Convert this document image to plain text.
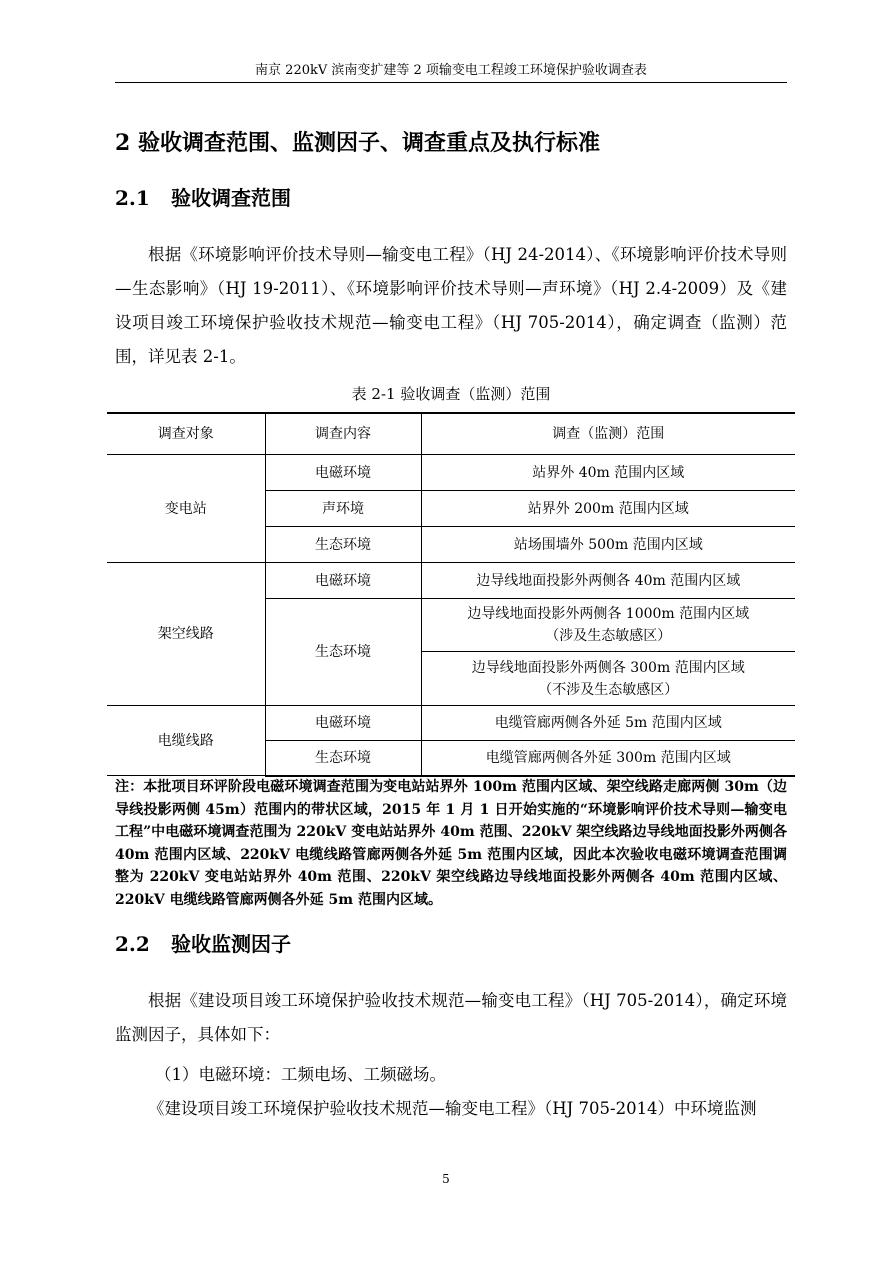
南京 220kV 滨南变扩建等 2 项输变电工程竣工环境保护验收调查表
2 验收调查范围、监测因子、调查重点及执行标准
2.1 验收调查范围

根据《环境影响评价技术导则—输变电工程》（HJ 24-2014）、《环境影响评价技术导则—生态影响》（HJ 19-2011）、《环境影响评价技术导则—声环境》（HJ 2.4-2009）及《建设项目竣工环境保护验收技术规范—输变电工程》（HJ 705-2014），确定调查（监测）范围，详见表 2-1。

表 2-1 验收调查（监测）范围
调查对象	调查内容	调查（监测）范围
变电站	电磁环境	站界外 40m 范围内区域
	声环境	站界外 200m 范围内区域
	生态环境	站场围墙外 500m 范围内区域
架空线路	电磁环境	边导线地面投影外两侧各 40m 范围内区域
	生态环境	边导线地面投影外两侧各 1000m 范围内区域
（涉及生态敏感区）

		边导线地面投影外两侧各 300m 范围内区域
（不涉及生态敏感区）

电缆线路	电磁环境	电缆管廊两侧各外延 5m 范围内区域
	生态环境	电缆管廊两侧各外延 300m 范围内区域

注：本批项目环评阶段电磁环境调查范围为变电站站界外 100m 范围内区域、架空线路走廊两侧 30m（边导线投影两侧 45m）范围内的带状区域，2015 年 1 月 1 日开始实施的“环境影响评价技术导则—输变电工程”中电磁环境调查范围为 220kV 变电站站界外 40m 范围、220kV 架空线路边导线地面投影外两侧各 40m 范围内区域、220kV 电缆线路管廊两侧各外延 5m 范围内区域，因此本次验收电磁环境调查范围调整为 220kV 变电站站界外 40m 范围、220kV 架空线路边导线地面投影外两侧各 40m 范围内区域、220kV 电缆线路管廊两侧各外延 5m 范围内区域。

2.2 验收监测因子

根据《建设项目竣工环境保护验收技术规范—输变电工程》（HJ 705-2014），确定环境监测因子，具体如下：

（1）电磁环境：工频电场、工频磁场。

《建设项目竣工环境保护验收技术规范—输变电工程》（HJ 705-2014）中环境监测

5
